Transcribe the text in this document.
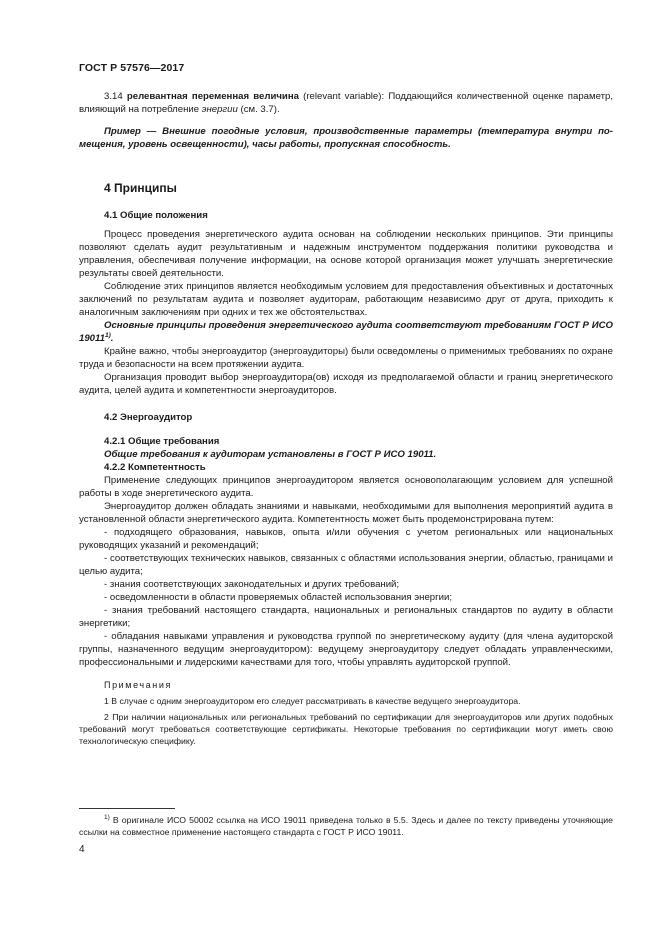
ГОСТ Р 57576—2017

3.14 релевантная переменная величина (relevant variable): Поддающийся количественной оценке параметр, влияющий на потребление энергии (см. 3.7).

Пример — Внешние погодные условия, производственные параметры (температура внутри помещения, уровень освещенности), часы работы, пропускная способность.

4 Принципы
4.1 Общие положения

Процесс проведения энергетического аудита основан на соблюдении нескольких принципов. Эти принципы позволяют сделать аудит результативным и надежным инструментом поддержания политики руководства и управления, обеспечивая получение информации, на основе которой организация может улучшать энергетические результаты своей деятельности.

Соблюдение этих принципов является необходимым условием для предоставления объективных и достаточных заключений по результатам аудита и позволяет аудиторам, работающим независимо друг от друга, приходить к аналогичным заключениям при одних и тех же обстоятельствах.

Основные принципы проведения энергетического аудита соответствуют требованиям ГОСТ Р ИСО 19011$^{1)}$.

Крайне важно, чтобы энергоаудитор (энергоаудиторы) были осведомлены о применимых требованиях по охране труда и безопасности на всем протяжении аудита.

Организация проводит выбор энергоаудитора(ов) исходя из предполагаемой области и границ энергетического аудита, целей аудита и компетентности энергоаудиторов.

4.2 Энергоаудитор
4.2.1 Общие требования

Общие требования к аудиторам установлены в ГОСТ Р ИСО 19011.

4.2.2 Компетентность

Применение следующих принципов энергоаудитором является основополагающим условием для успешной работы в ходе энергетического аудита.

Энергоаудитор должен обладать знаниями и навыками, необходимыми для выполнения мероприятий аудита в установленной области энергетического аудита. Компетентность может быть продемонстрирована путем:

- подходящего образования, навыков, опыта и/или обучения с учетом региональных или национальных руководящих указаний и рекомендаций;

- соответствующих технических навыков, связанных с областями использования энергии, областью, границами и целью аудита;

- знания соответствующих законодательных и других требований;

- осведомленности в области проверяемых областей использования энергии;

- знания требований настоящего стандарта, национальных и региональных стандартов по аудиту в области энергетики;

- обладания навыками управления и руководства группой по энергетическому аудиту (для члена аудиторской группы, назначенного ведущим энергоаудитором): ведущему энергоаудитору следует обладать управленческими, профессиональными и лидерскими качествами для того, чтобы управлять аудиторской группой.

Примечания

1 В случае с одним энергоаудитором его следует рассматривать в качестве ведущего энергоаудитора.

2 При наличии национальных или региональных требований по сертификации для энергоаудиторов или других подобных требований могут требоваться соответствующие сертификаты. Некоторые требования по сертификации могут иметь свою технологическую специфику.

$^{1)}$ В оригинале ИСО 50002 ссылка на ИСО 19011 приведена только в 5.5. Здесь и далее по тексту приведены уточняющие ссылки на совместное применение настоящего стандарта с ГОСТ Р ИСО 19011.

4
